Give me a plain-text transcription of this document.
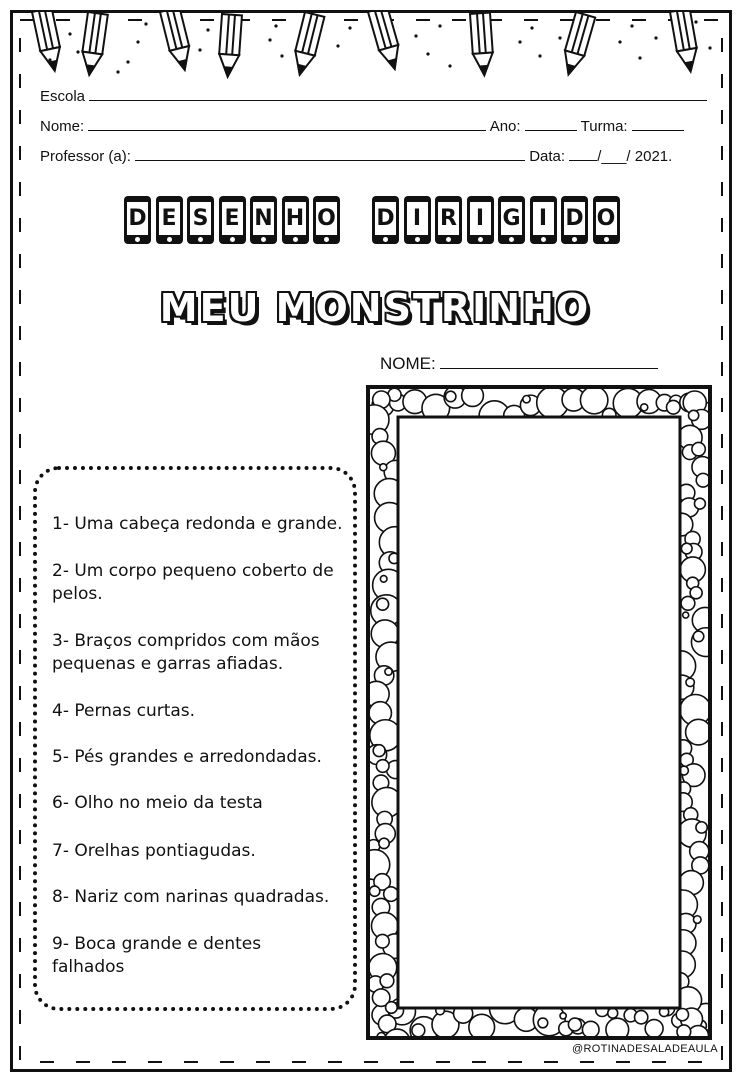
Escola
Nome:	Ano:	Turma:
Professor (a):	Data: /___/ 2021.
D E S E N H O D I R I G I D O
MEU MONSTRINHO
NOME:
1- Uma cabeça redonda e grande.
2- Um corpo pequeno coberto de
pelos.
3- Braços compridos com mãos
pequenas e garras afiadas.
4- Pernas curtas.
5- Pés grandes e arredondadas.
6- Olho no meio da testa
7- Orelhas pontiagudas.
8- Nariz com narinas quadradas.
9- Boca grande e dentes
falhados
@ROTINADESALADEAULA
